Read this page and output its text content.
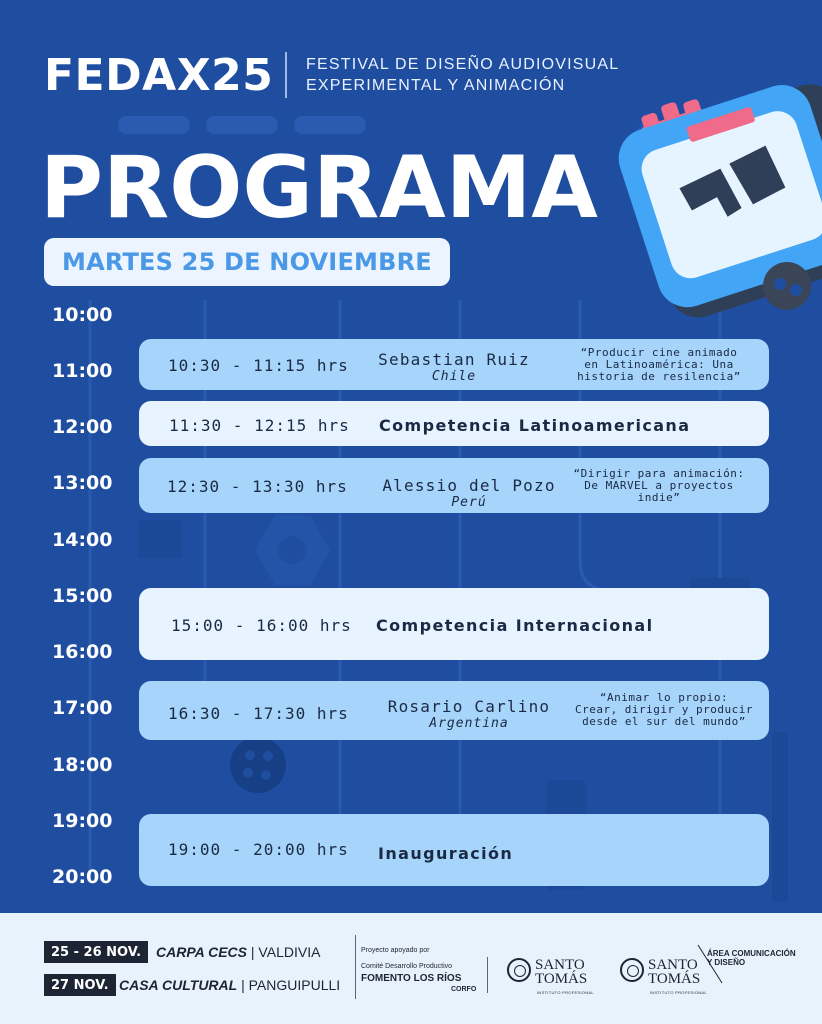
FEDAX25 FESTIVAL DE DISEÑO AUDIOVISUAL
EXPERIMENTAL Y ANIMACIÓN
PROGRAMA
MARTES 25 DE NOVIEMBRE
10:00
11:00
12:00
13:00
14:00
15:00
16:00
17:00
18:00
19:00
20:00
10:30 - 11:15 hrs	Sebastian Ruiz
Chile
“Producir cine animado
en Latinoamérica: Una
historia de resilencia”
11:30 - 12:15 hrs Competencia Latinoamericana
12:30 - 13:30 hrs	Alessio del Pozo
Perú
“Dirigir para animación:
De MARVEL a proyectos
indie”
15:00 - 16:00 hrs Competencia Internacional
16:30 - 17:30 hrs	Rosario Carlino
Argentina
“Animar lo propio:
Crear, dirigir y producir
desde el sur del mundo”
19:00 - 20:00 hrs Inauguración
25 - 26 NOV.	CARPA CECS | VALDIVIA
27 NOV. CASA CULTURAL | PANGUIPULLI
Proyecto apoyado por
Comité Desarrollo Productivo
FOMENTO LOS RÍOS
CORFO
SANTO TOMÁS
INSTITUTO PROFESIONAL
SANTO TOMÁS
INSTITUTO PROFESIONAL
ÁREA COMUNICACIÓN
Y DISEÑO
